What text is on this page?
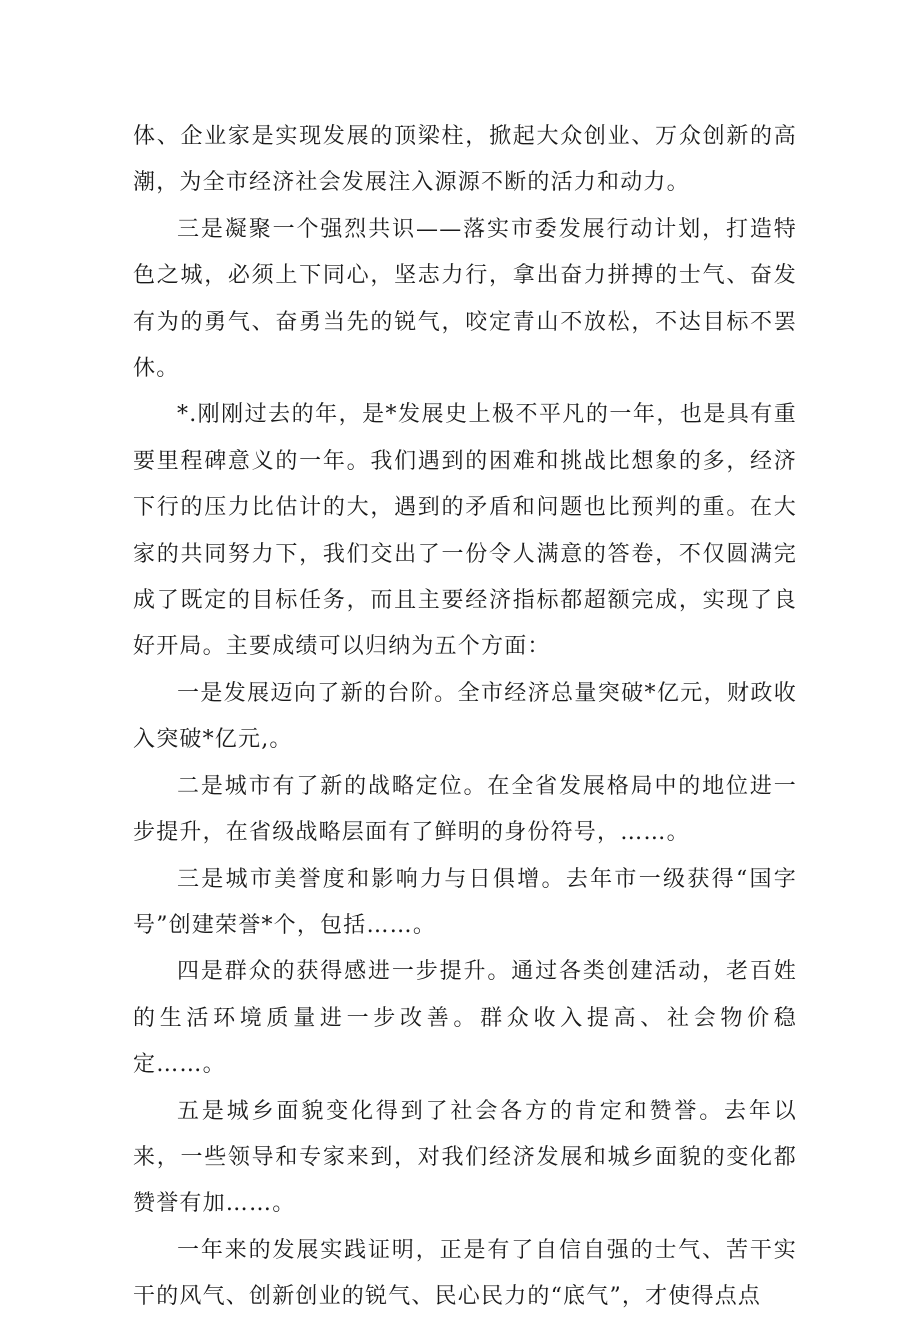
体、企业家是实现发展的顶梁柱，掀起大众创业、万众创新的高潮，为全市经济社会发展注入源源不断的活力和动力。

三是凝聚一个强烈共识——落实市委发展行动计划，打造特色之城，必须上下同心，坚志力行，拿出奋力拼搏的士气、奋发有为的勇气、奋勇当先的锐气，咬定青山不放松，不达目标不罢休。

*.刚刚过去的年，是*发展史上极不平凡的一年，也是具有重要里程碑意义的一年。我们遇到的困难和挑战比想象的多，经济下行的压力比估计的大，遇到的矛盾和问题也比预判的重。在大家的共同努力下，我们交出了一份令人满意的答卷，不仅圆满完成了既定的目标任务，而且主要经济指标都超额完成，实现了良好开局。主要成绩可以归纳为五个方面：

一是发展迈向了新的台阶。全市经济总量突破*亿元，财政收入突破*亿元,。

二是城市有了新的战略定位。在全省发展格局中的地位进一步提升，在省级战略层面有了鲜明的身份符号，……。

三是城市美誉度和影响力与日俱增。去年市一级获得“国字号”创建荣誉*个，包括……。

四是群众的获得感进一步提升。通过各类创建活动，老百姓的生活环境质量进一步改善。群众收入提高、社会物价稳定……。

五是城乡面貌变化得到了社会各方的肯定和赞誉。去年以来，一些领导和专家来到，对我们经济发展和城乡面貌的变化都赞誉有加……。

一年来的发展实践证明，正是有了自信自强的士气、苦干实干的风气、创新创业的锐气、民心民力的“底气”，才使得点点
